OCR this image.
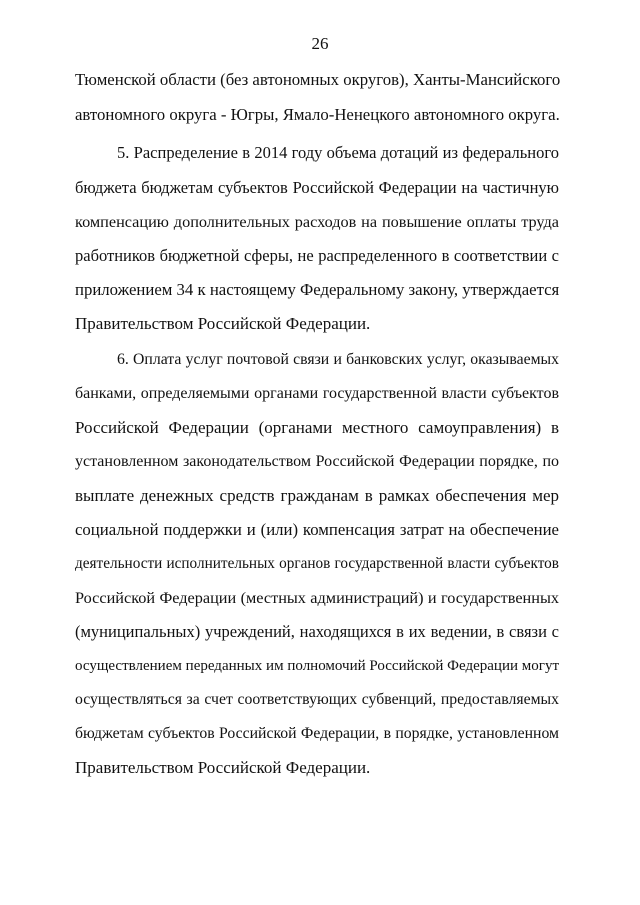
26
Тюменской области (без автономных округов), Ханты-Мансийского
автономного округа - Югры, Ямало-Ненецкого автономного округа.
5. Распределение в 2014 году объема дотаций из федерального
бюджета бюджетам субъектов Российской Федерации на частичную
компенсацию дополнительных расходов на повышение оплаты труда
работников бюджетной сферы, не распределенного в соответствии с
приложением 34 к настоящему Федеральному закону, утверждается
Правительством Российской Федерации.
6. Оплата услуг почтовой связи и банковских услуг, оказываемых
банками, определяемыми органами государственной власти субъектов
Российской Федерации (органами местного самоуправления) в
установленном законодательством Российской Федерации порядке, по
выплате денежных средств гражданам в рамках обеспечения мер
социальной поддержки и (или) компенсация затрат на обеспечение
деятельности исполнительных органов государственной власти субъектов
Российской Федерации (местных администраций) и государственных
(муниципальных) учреждений, находящихся в их ведении, в связи с
осуществлением переданных им полномочий Российской Федерации могут
осуществляться за счет соответствующих субвенций, предоставляемых
бюджетам субъектов Российской Федерации, в порядке, установленном
Правительством Российской Федерации.
